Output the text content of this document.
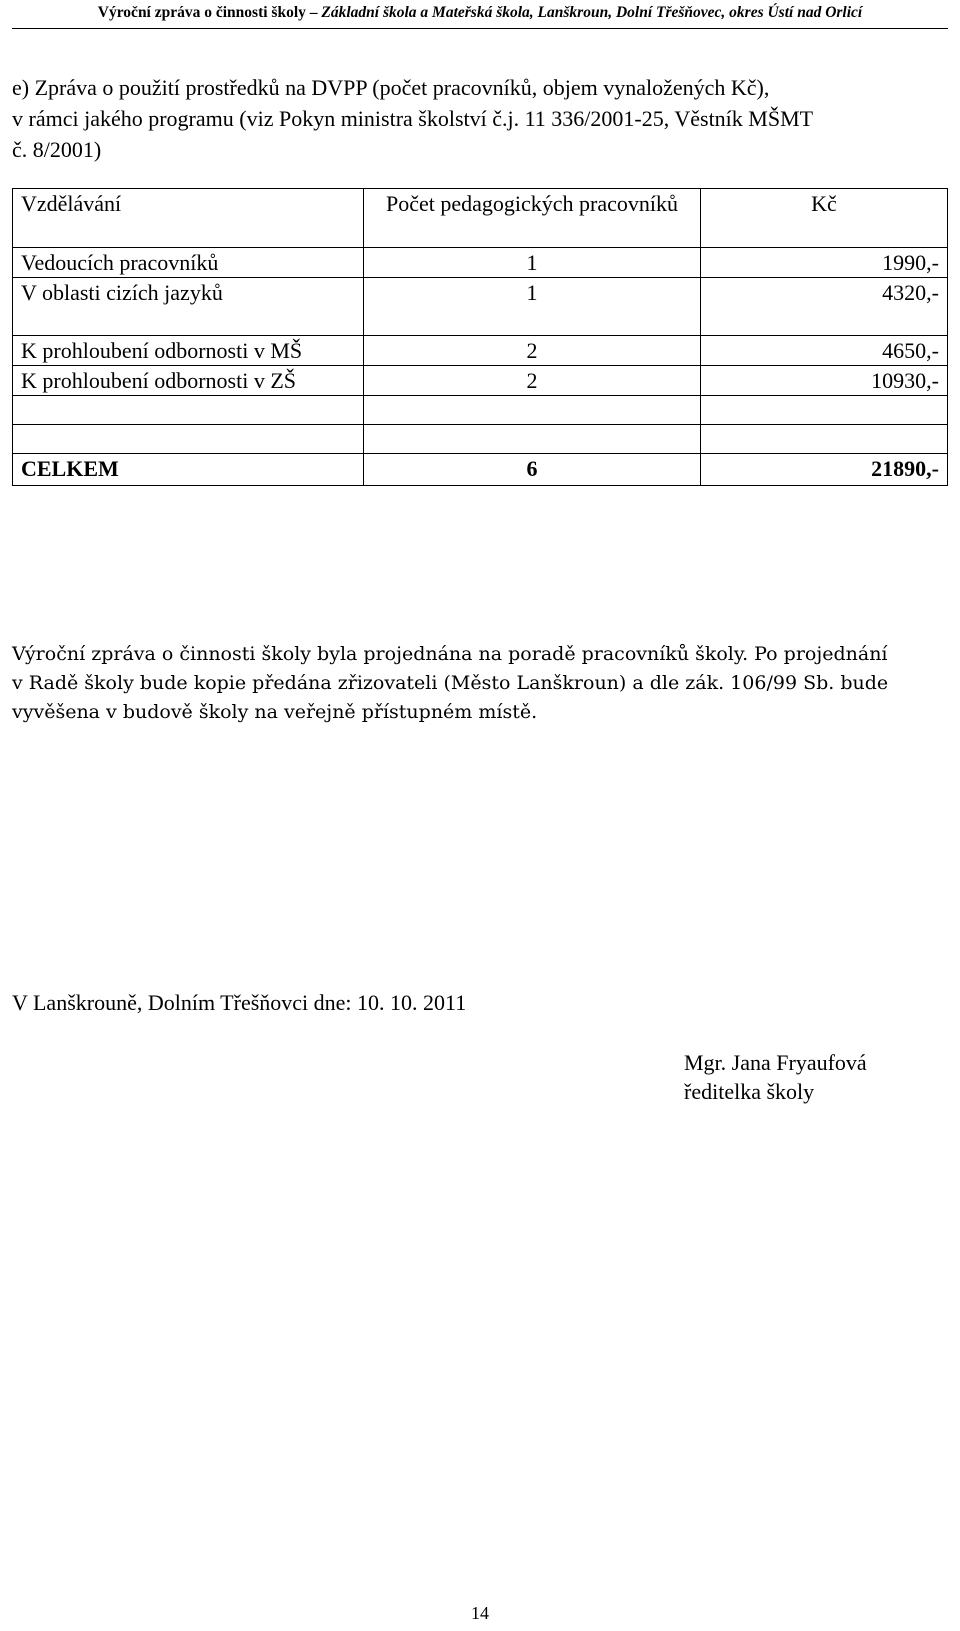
Výroční zpráva o činnosti školy – Základní škola a Mateřská škola, Lanškroun, Dolní Třešňovec, okres Ústí nad Orlicí
e) Zpráva o použití prostředků na DVPP (počet pracovníků, objem vynaložených Kč),
v rámci jakého programu (viz Pokyn ministra školství č.j. 11 336/2001-25, Věstník MŠMT
č. 8/2001)
Vzdělávání	Počet pedagogických pracovníků	Kč
Vedoucích pracovníků	1	1990,-
V oblasti cizích jazyků	1	4320,-
K prohloubení odbornosti v MŠ	2	4650,-
K prohloubení odbornosti v ZŠ	2	10930,-

CELKEM	6	21890,-
Výroční zpráva o činnosti školy byla projednána na poradě pracovníků školy. Po projednání
v Radě školy bude kopie předána zřizovateli (Město Lanškroun) a dle zák. 106/99 Sb. bude
vyvěšena v budově školy na veřejně přístupném místě.
V Lanškrouně, Dolním Třešňovci dne: 10. 10. 2011
Mgr. Jana Fryaufová
ředitelka školy
14
